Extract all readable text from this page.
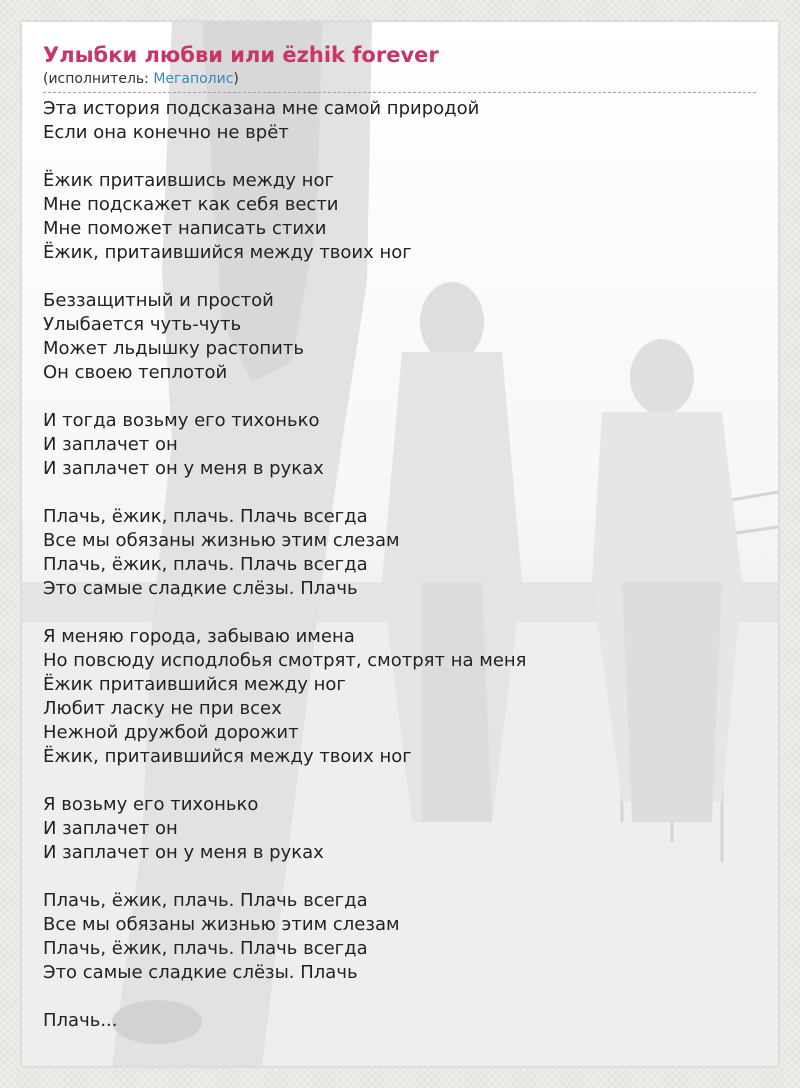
Улыбки любви или ёzhik forever

(исполнитель: Мегаполис)

Эта история подсказана мне самой природой
Если она конечно не врёт

Ёжик притаившись между ног
Мне подскажет как себя вести
Мне поможет написать стихи
Ёжик, притаившийся между твоих ног

Беззащитный и простой
Улыбается чуть-чуть
Может льдышку растопить
Он своею теплотой

И тогда возьму его тихонько
И заплачет он
И заплачет он у меня в руках

Плачь, ёжик, плачь. Плачь всегда
Все мы обязаны жизнью этим слезам
Плачь, ёжик, плачь. Плачь всегда
Это самые сладкие слёзы. Плачь

Я меняю города, забываю имена
Но повсюду исподлобья смотрят, смотрят на меня
Ёжик притаившийся между ног
Любит ласку не при всех
Нежной дружбой дорожит
Ёжик, притаившийся между твоих ног

Я возьму его тихонько
И заплачет он
И заплачет он у меня в руках

Плачь, ёжик, плачь. Плачь всегда
Все мы обязаны жизнью этим слезам
Плачь, ёжик, плачь. Плачь всегда
Это самые сладкие слёзы. Плачь

Плачь...
